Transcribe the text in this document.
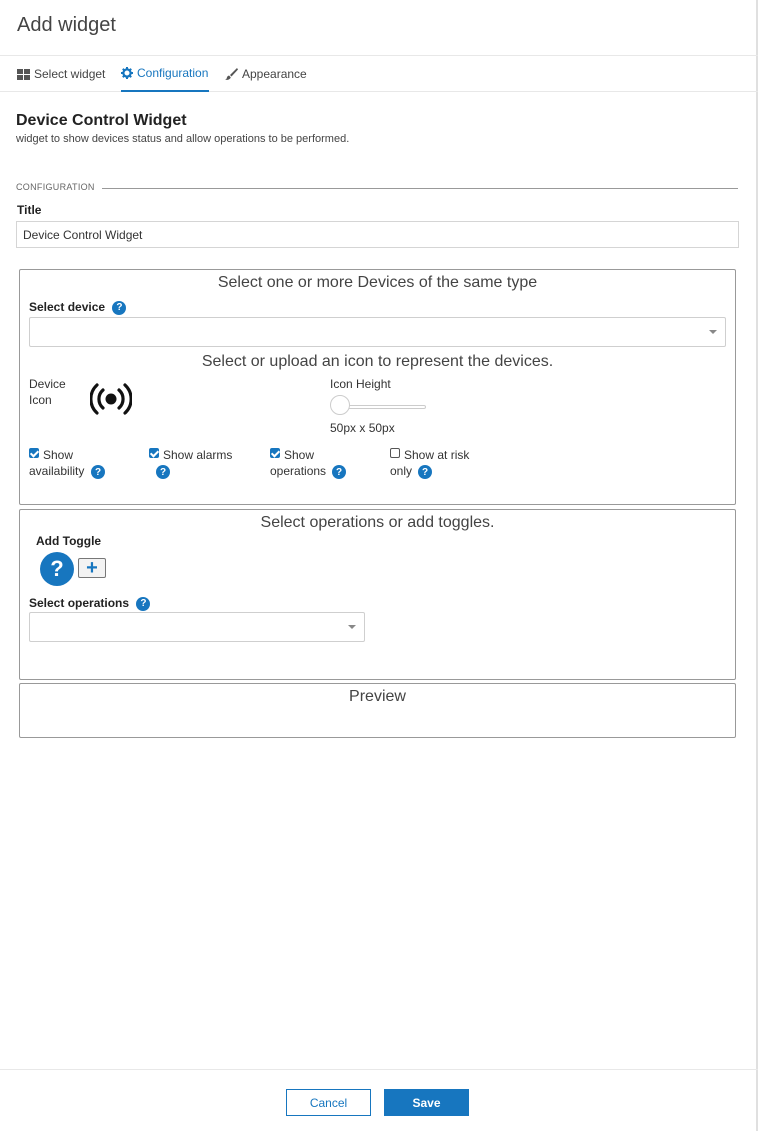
Add widget
Select widget	Configuration	Appearance
Device Control Widget
widget to show devices status and allow operations to be performed.
CONFIGURATION
Title
Device Control Widget
Select one or more Devices of the same type
Select device ?
Select or upload an icon to represent the devices.
Device
Icon
Icon Height
50px x 50px
Show
availability	?
Show alarms
?
Show
operations ?
Show at risk
only ?
Select operations or add toggles.
Add Toggle
?	+
Select operations ?
Preview
Cancel	Save
